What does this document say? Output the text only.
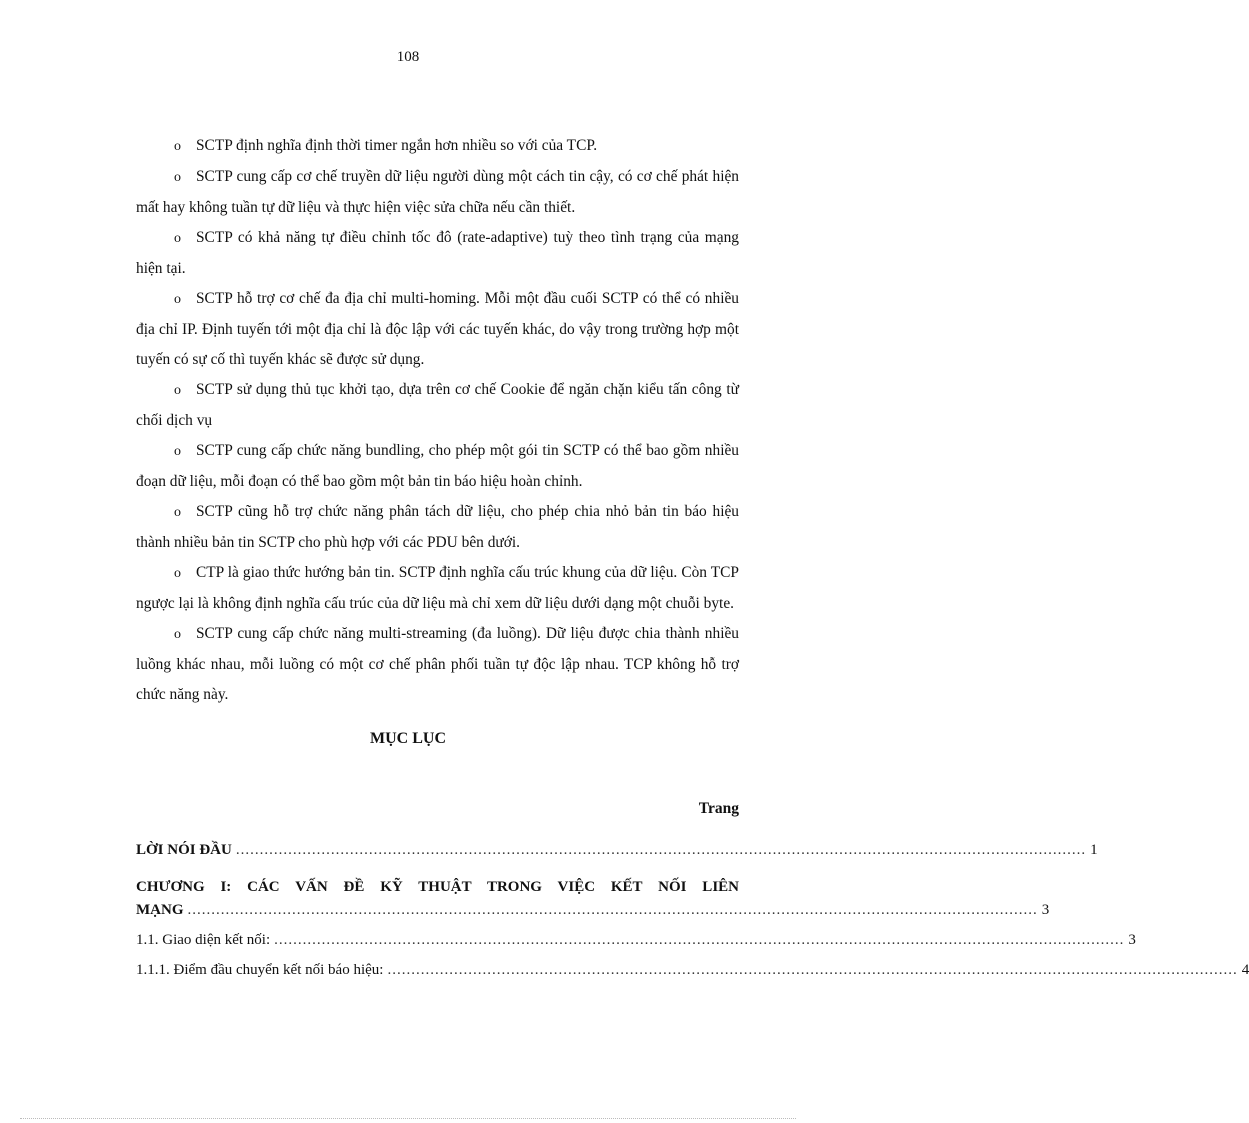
108

o SCTP định nghĩa định thời timer ngắn hơn nhiều so với của TCP.

o SCTP cung cấp cơ chế truyền dữ liệu người dùng một cách tin cậy, có cơ chế phát hiện mất hay không tuần tự dữ liệu và thực hiện việc sửa chữa nếu cần thiết.

o SCTP có khả năng tự điều chỉnh tốc đô (rate-adaptive) tuỳ theo tình trạng của mạng hiện tại.

o SCTP hỗ trợ cơ chế đa địa chỉ multi-homing. Mỗi một đầu cuối SCTP có thể có nhiều địa chỉ IP. Định tuyến tới một địa chỉ là độc lập với các tuyến khác, do vậy trong trường hợp một tuyến có sự cố thì tuyến khác sẽ được sử dụng.

o SCTP sử dụng thủ tục khởi tạo, dựa trên cơ chế Cookie để ngăn chặn kiểu tấn công từ chối dịch vụ

o SCTP cung cấp chức năng bundling, cho phép một gói tin SCTP có thể bao gồm nhiều đoạn dữ liệu, mỗi đoạn có thể bao gồm một bản tin báo hiệu hoàn chỉnh.

o SCTP cũng hỗ trợ chức năng phân tách dữ liệu, cho phép chia nhỏ bản tin báo hiệu thành nhiều bản tin SCTP cho phù hợp với các PDU bên dưới.

o CTP là giao thức hướng bản tin. SCTP định nghĩa cấu trúc khung của dữ liệu. Còn TCP ngược lại là không định nghĩa cấu trúc của dữ liệu mà chỉ xem dữ liệu dưới dạng một chuỗi byte.

o SCTP cung cấp chức năng multi-streaming (đa luồng). Dữ liệu được chia thành nhiều luồng khác nhau, mỗi luồng có một cơ chế phân phối tuần tự độc lập nhau. TCP không hỗ trợ chức năng này.

MỤC LỤC
Trang
LỜI NÓI ĐẦU ................................................................................................................................................................................... 1
CHƯƠNG I: CÁC VẤN ĐỀ KỸ THUẬT TRONG VIỆC KẾT NỐI LIÊN
MẠNG ................................................................................................................................................................................... 3
1.1. Giao diện kết nối: ................................................................................................................................................................................... 3
1.1.1. Điểm đầu chuyển kết nối báo hiệu: ................................................................................................................................................................................... 4
